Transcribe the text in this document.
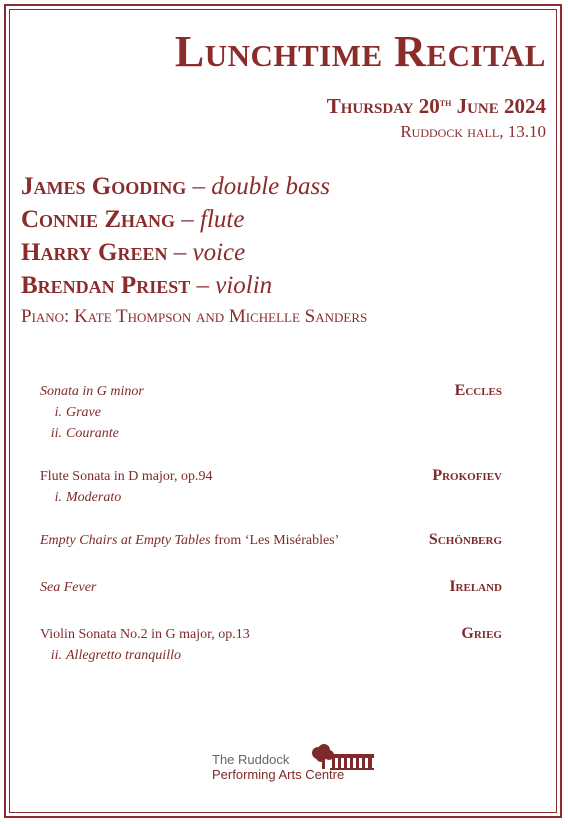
Lunchtime Recital
Thursday 20th June 2024
Ruddock hall, 13.10
James Gooding – double bass
Connie Zhang – flute
Harry Green – voice
Brendan Priest – violin
Piano: Kate Thompson and Michelle Sanders
Sonata in G minor	Eccles
i. Grave
ii. Courante
Flute Sonata in D major, op.94	Prokofiev
i. Moderato
Empty Chairs at Empty Tables from ‘Les Misérables’	Schönberg
Sea Fever	Ireland
Violin Sonata No.2 in G major, op.13	Grieg
ii. Allegretto tranquillo
The Ruddock
Performing Arts Centre
